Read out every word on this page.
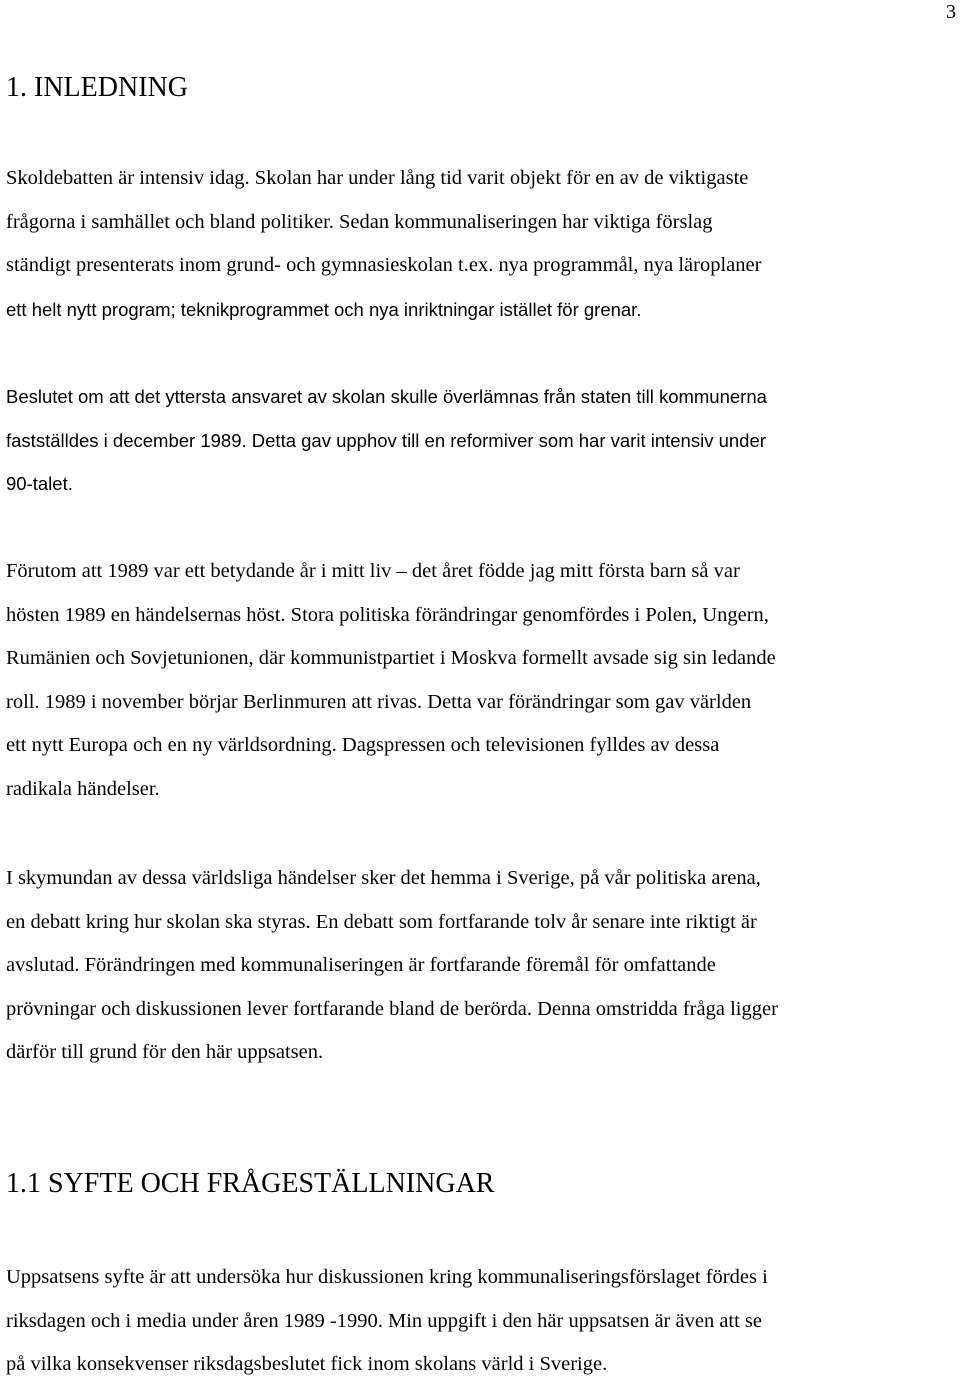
3
1. INLEDNING
Skoldebatten är intensiv idag. Skolan har under lång tid varit objekt för en av de viktigaste
frågorna i samhället och bland politiker. Sedan kommunaliseringen har viktiga förslag
ständigt presenterats inom grund- och gymnasieskolan t.ex. nya programmål, nya läroplaner
ett helt nytt program; teknikprogrammet och nya inriktningar istället för grenar.
Beslutet om att det yttersta ansvaret av skolan skulle överlämnas från staten till kommunerna
fastställdes i december 1989. Detta gav upphov till en reformiver som har varit intensiv under
90-talet.
Förutom att 1989 var ett betydande år i mitt liv – det året födde jag mitt första barn så var
hösten 1989 en händelsernas höst. Stora politiska förändringar genomfördes i Polen, Ungern,
Rumänien och Sovjetunionen, där kommunistpartiet i Moskva formellt avsade sig sin ledande
roll. 1989 i november börjar Berlinmuren att rivas. Detta var förändringar som gav världen
ett nytt Europa och en ny världsordning. Dagspressen och televisionen fylldes av dessa
radikala händelser.
I skymundan av dessa världsliga händelser sker det hemma i Sverige, på vår politiska arena,
en debatt kring hur skolan ska styras. En debatt som fortfarande tolv år senare inte riktigt är
avslutad. Förändringen med kommunaliseringen är fortfarande föremål för omfattande
prövningar och diskussionen lever fortfarande bland de berörda. Denna omstridda fråga ligger
därför till grund för den här uppsatsen.
1.1 SYFTE OCH FRÅGESTÄLLNINGAR
Uppsatsens syfte är att undersöka hur diskussionen kring kommunaliseringsförslaget fördes i
riksdagen och i media under åren 1989 -1990. Min uppgift i den här uppsatsen är även att se
på vilka konsekvenser riksdagsbeslutet fick inom skolans värld i Sverige.
